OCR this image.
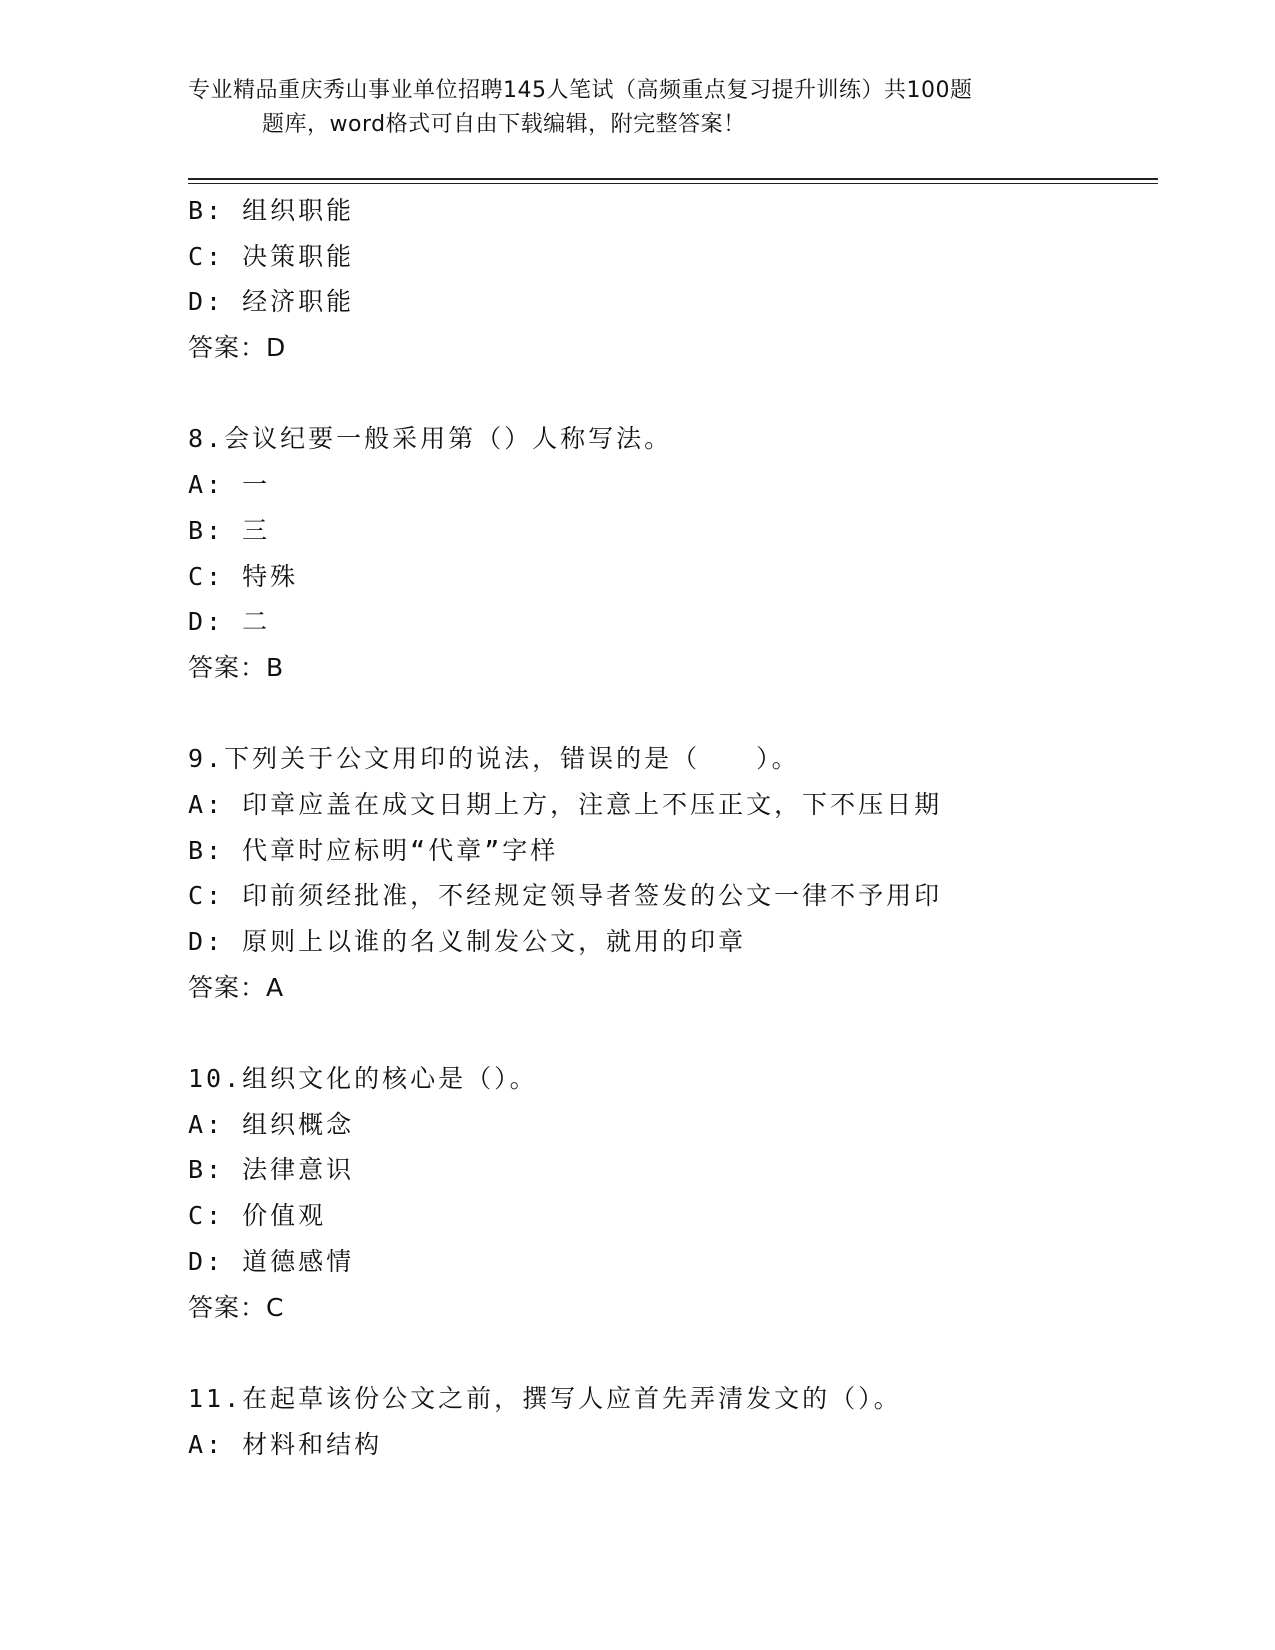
专业精品重庆秀山事业单位招聘145人笔试（高频重点复习提升训练）共100题
题库，word格式可自由下载编辑，附完整答案！
B: 组织职能
C: 决策职能
D: 经济职能
答案：D
8.会议纪要一般采用第（）人称写法。
A: 一
B: 三
C: 特殊
D: 二
答案：B
9.下列关于公文用印的说法，错误的是（　　）。
A: 印章应盖在成文日期上方，注意上不压正文，下不压日期
B: 代章时应标明“代章”字样
C: 印前须经批准，不经规定领导者签发的公文一律不予用印
D: 原则上以谁的名义制发公文，就用的印章
答案：A
10.组织文化的核心是（）。
A: 组织概念
B: 法律意识
C: 价值观
D: 道德感情
答案：C
11.在起草该份公文之前，撰写人应首先弄清发文的（）。
A: 材料和结构
